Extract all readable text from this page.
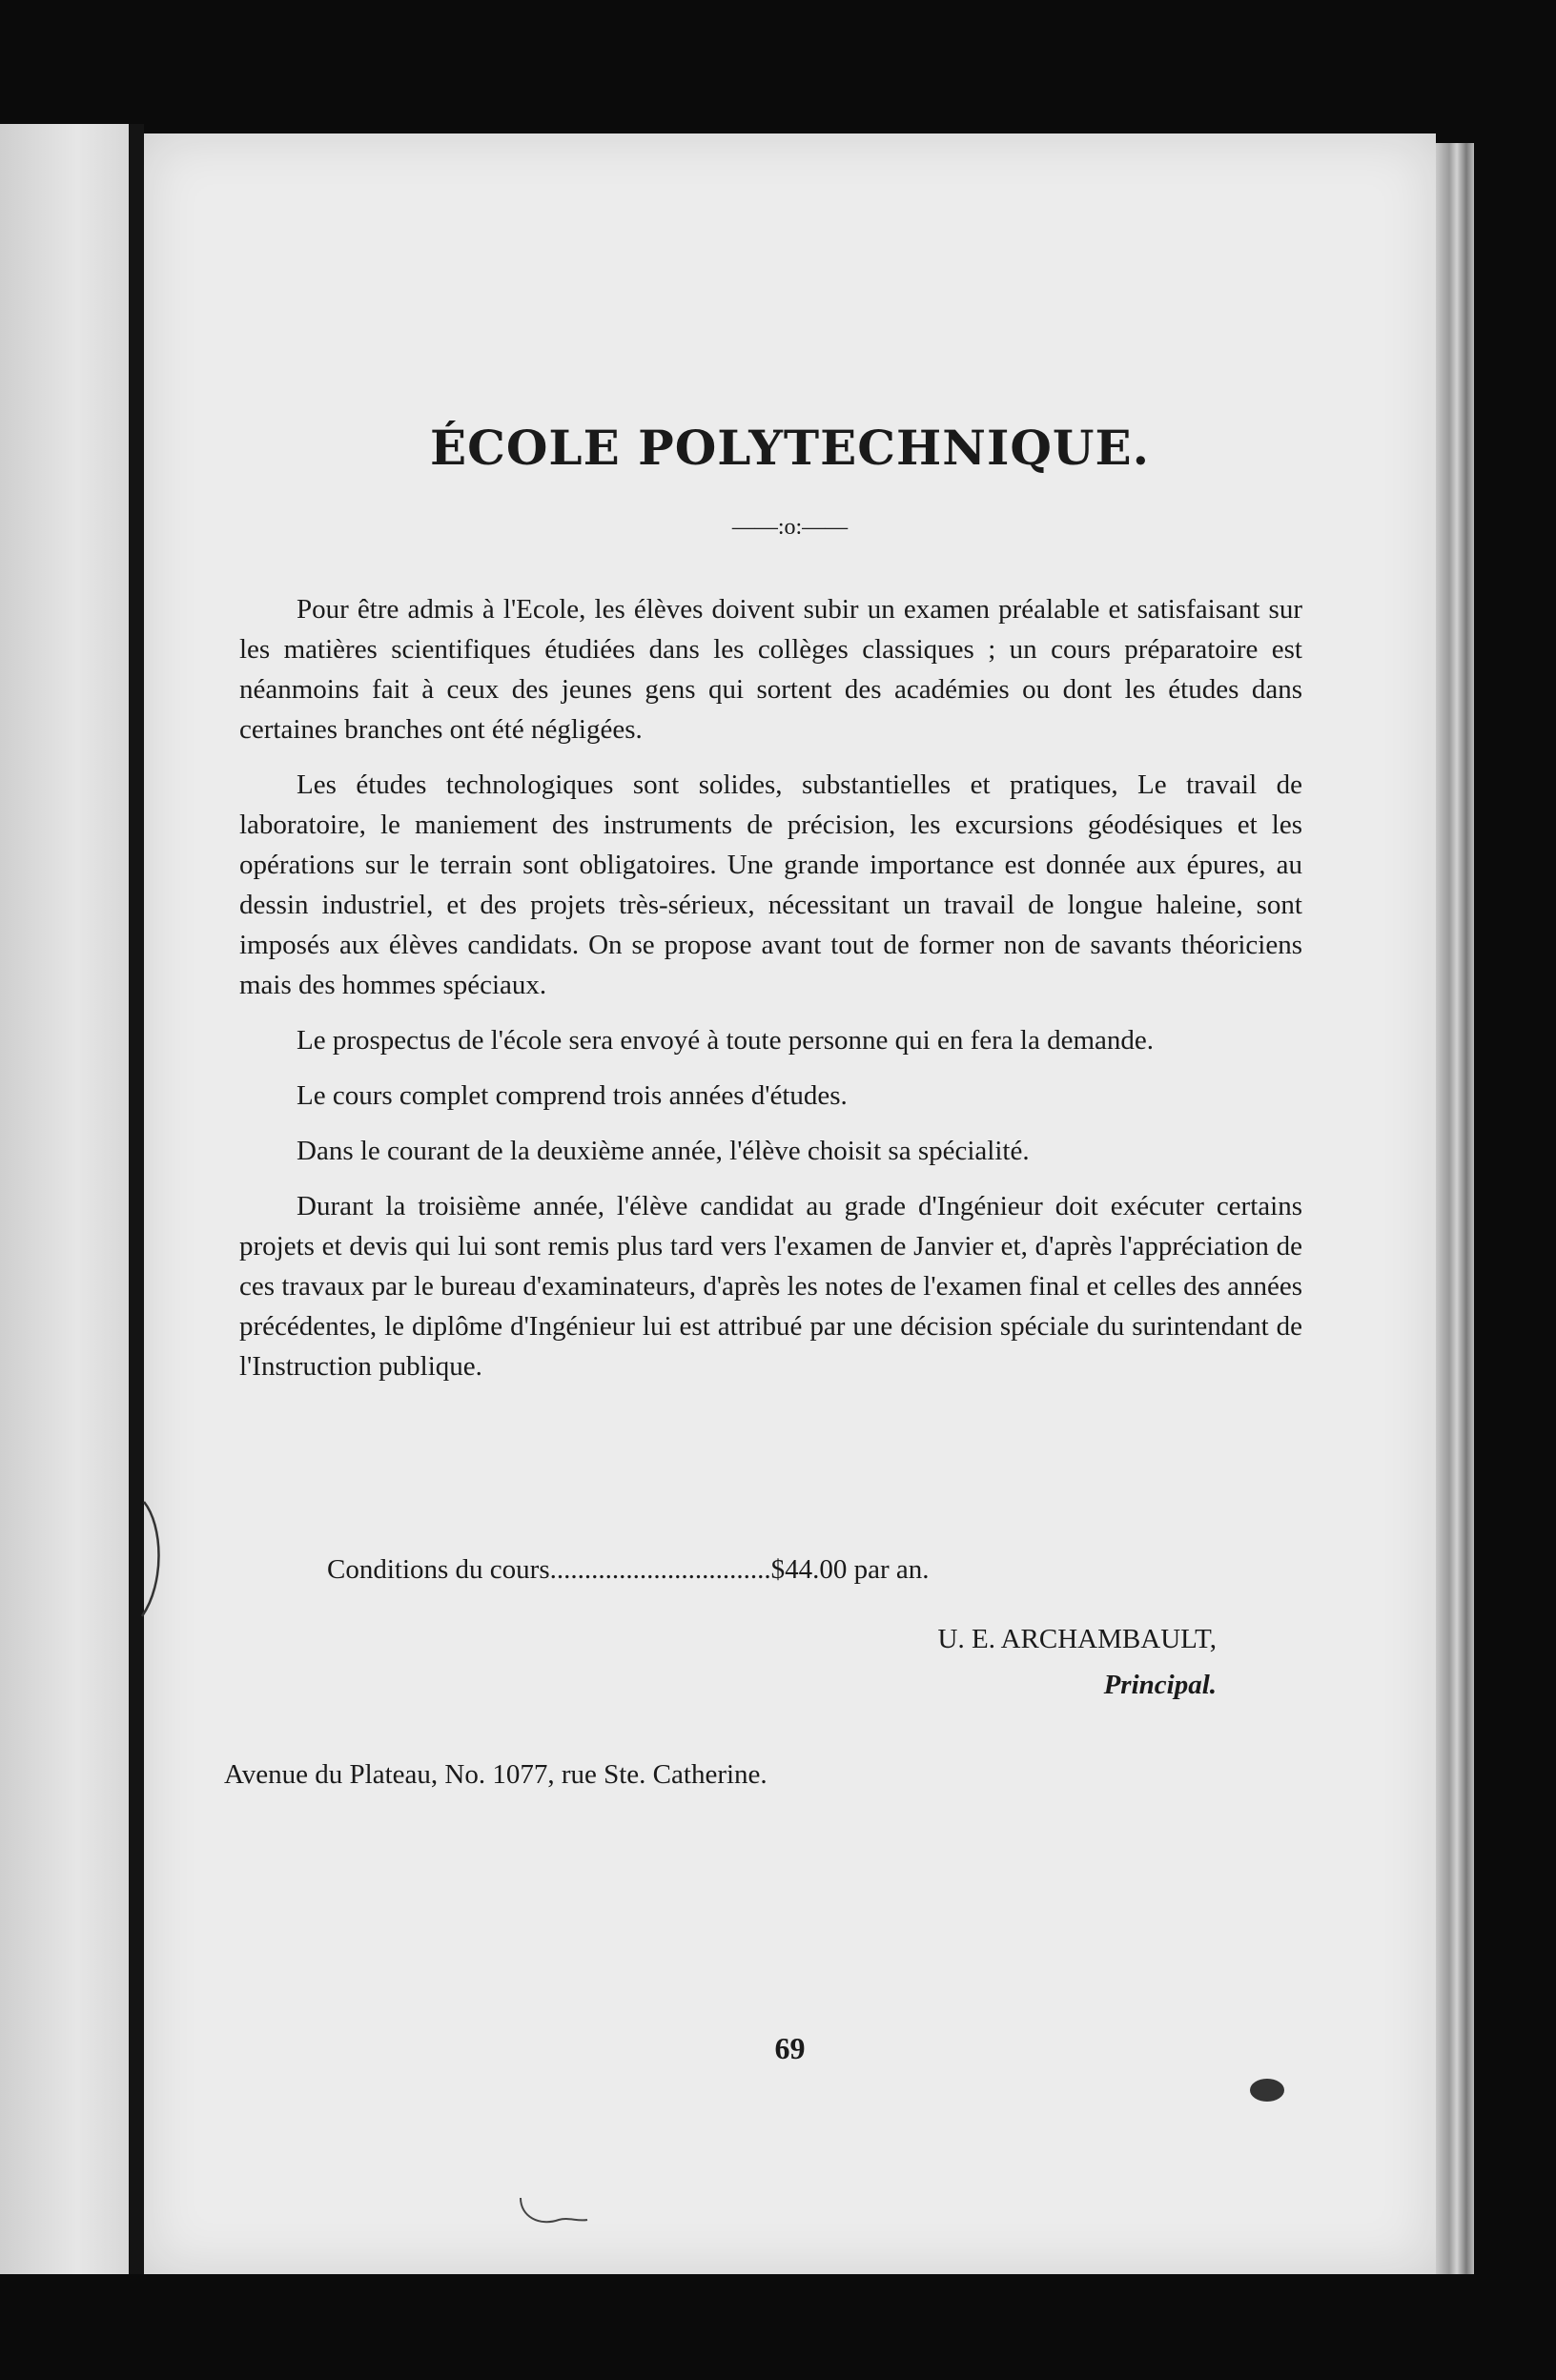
ÉCOLE POLYTECHNIQUE.
——:o:——

Pour être admis à l'Ecole, les élèves doivent subir un examen préalable et satisfaisant sur les matières scientifiques étudiées dans les collèges classiques ; un cours préparatoire est néanmoins fait à ceux des jeunes gens qui sortent des académies ou dont les études dans certaines branches ont été négligées.

Les études technologiques sont solides, substantielles et pratiques, Le travail de laboratoire, le maniement des instruments de précision, les excursions géodésiques et les opérations sur le terrain sont obligatoires. Une grande importance est donnée aux épures, au dessin industriel, et des projets très-sérieux, nécessitant un travail de longue haleine, sont imposés aux élèves candidats. On se propose avant tout de former non de savants théoriciens mais des hommes spéciaux.

Le prospectus de l'école sera envoyé à toute personne qui en fera la demande.

Le cours complet comprend trois années d'études.

Dans le courant de la deuxième année, l'élève choisit sa spécialité.

Durant la troisième année, l'élève candidat au grade d'Ingénieur doit exécuter certains projets et devis qui lui sont remis plus tard vers l'examen de Janvier et, d'après l'appréciation de ces travaux par le bureau d'examinateurs, d'après les notes de l'examen final et celles des années précédentes, le diplôme d'Ingénieur lui est attribué par une décision spéciale du surintendant de l'Instruction publique.

Conditions du cours................................$44.00 par an.
U. E. ARCHAMBAULT,
Principal.
Avenue du Plateau, No. 1077, rue Ste. Catherine.
69
